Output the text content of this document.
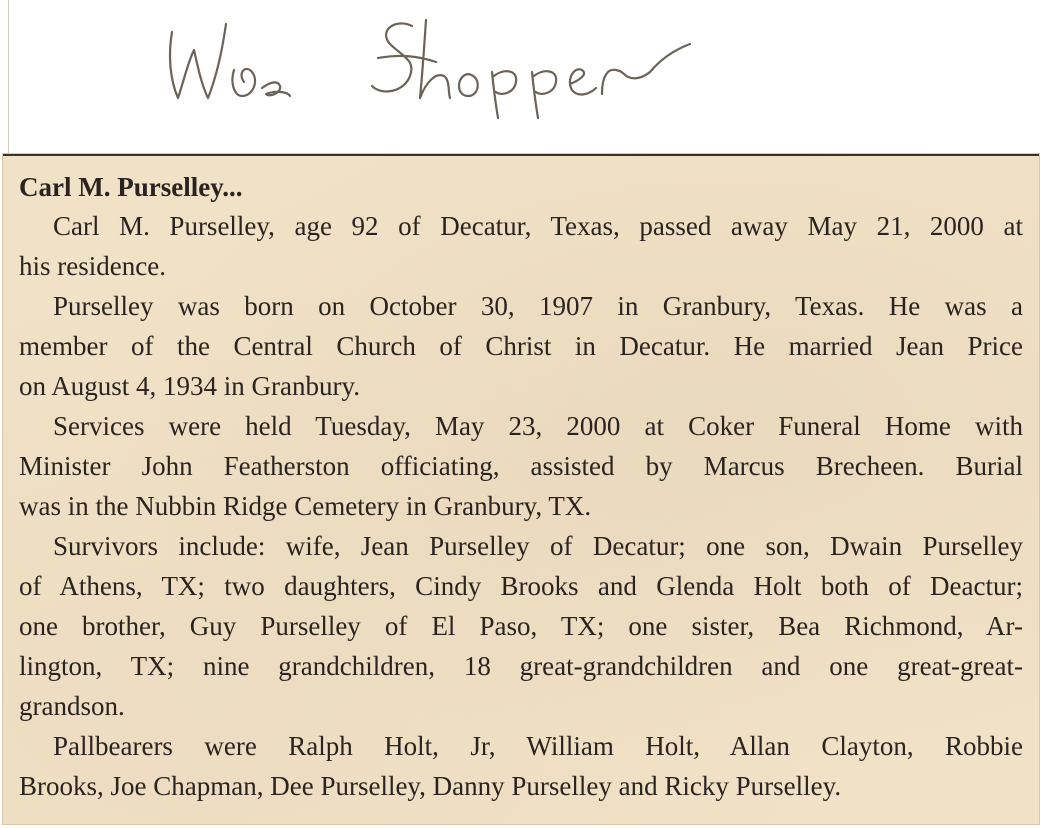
Carl M. Purselley...

Carl M. Purselley, age 92 of Decatur, Texas, passed away May 21, 2000 at
his residence.

Purselley was born on October 30, 1907 in Granbury, Texas. He was a
member of the Central Church of Christ in Decatur. He married Jean Price
on August 4, 1934 in Granbury.

Services were held Tuesday, May 23, 2000 at Coker Funeral Home with
Minister John Featherston officiating, assisted by Marcus Brecheen. Burial
was in the Nubbin Ridge Cemetery in Granbury, TX.

Survivors include: wife, Jean Purselley of Decatur; one son, Dwain Purselley
of Athens, TX; two daughters, Cindy Brooks and Glenda Holt both of Deactur;
one brother, Guy Purselley of El Paso, TX; one sister, Bea Richmond, Ar-
lington, TX; nine grandchildren, 18 great-grandchildren and one great-great-
grandson.

Pallbearers were Ralph Holt, Jr, William Holt, Allan Clayton, Robbie
Brooks, Joe Chapman, Dee Purselley, Danny Purselley and Ricky Purselley.
